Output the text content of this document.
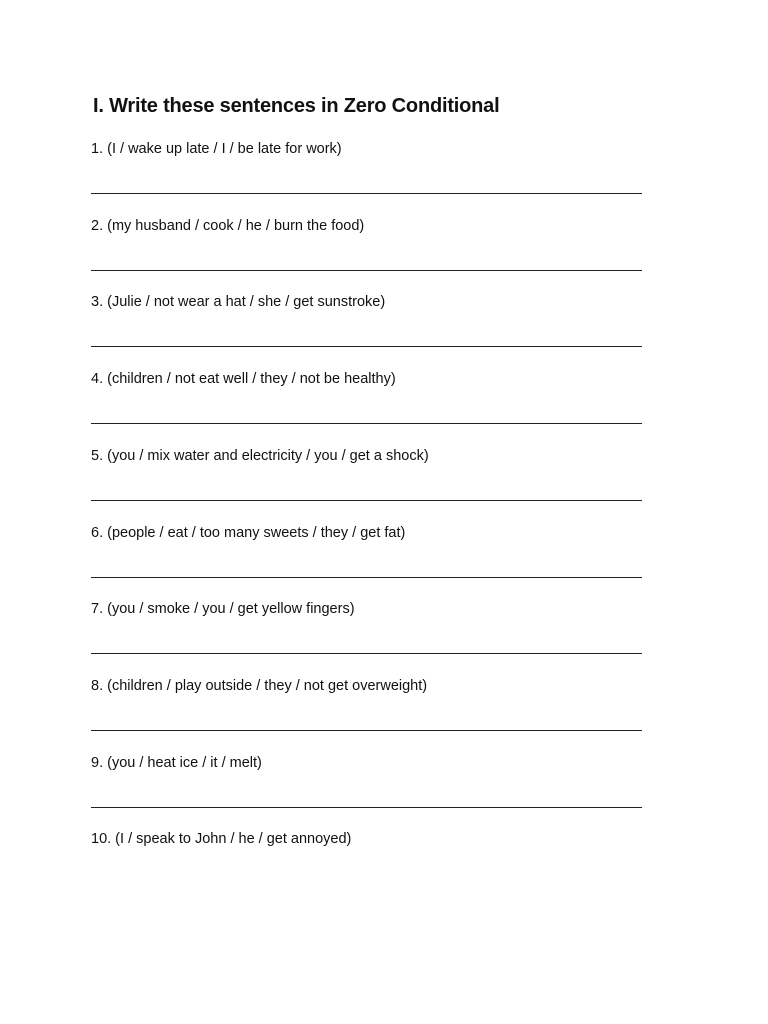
I. Write these sentences in Zero Conditional
1. (I / wake up late / I / be late for work)
2. (my husband / cook / he / burn the food)
3. (Julie / not wear a hat / she / get sunstroke)
4. (children / not eat well / they / not be healthy)
5. (you / mix water and electricity / you / get a shock)
6. (people / eat / too many sweets / they / get fat)
7. (you / smoke / you / get yellow fingers)
8. (children / play outside / they / not get overweight)
9. (you / heat ice / it / melt)
10. (I / speak to John / he / get annoyed)
